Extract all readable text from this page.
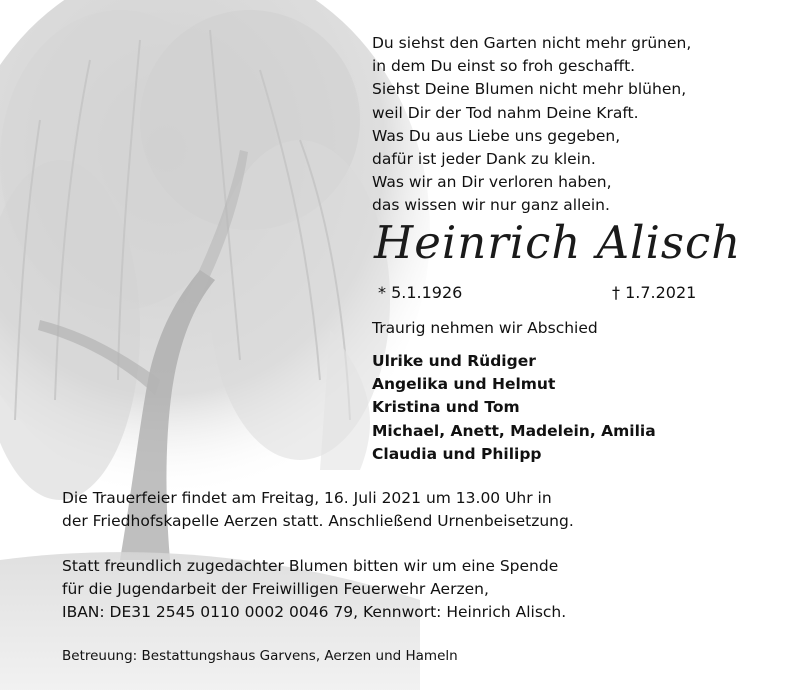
Du siehst den Garten nicht mehr grünen,
in dem Du einst so froh geschafft.
Siehst Deine Blumen nicht mehr blühen,
weil Dir der Tod nahm Deine Kraft.
Was Du aus Liebe uns gegeben,
dafür ist jeder Dank zu klein.
Was wir an Dir verloren haben,
das wissen wir nur ganz allein.
Heinrich Alisch
* 5.1.1926	† 1.7.2021
Traurig nehmen wir Abschied
Ulrike und Rüdiger
Angelika und Helmut
Kristina und Tom
Michael, Anett, Madelein, Amilia
Claudia und Philipp
Die Trauerfeier findet am Freitag, 16. Juli 2021 um 13.00 Uhr in
der Friedhofskapelle Aerzen statt. Anschließend Urnenbeisetzung.
Statt freundlich zugedachter Blumen bitten wir um eine Spende
für die Jugendarbeit der Freiwilligen Feuerwehr Aerzen,
IBAN: DE31 2545 0110 0002 0046 79, Kennwort: Heinrich Alisch.
Betreuung: Bestattungshaus Garvens, Aerzen und Hameln
